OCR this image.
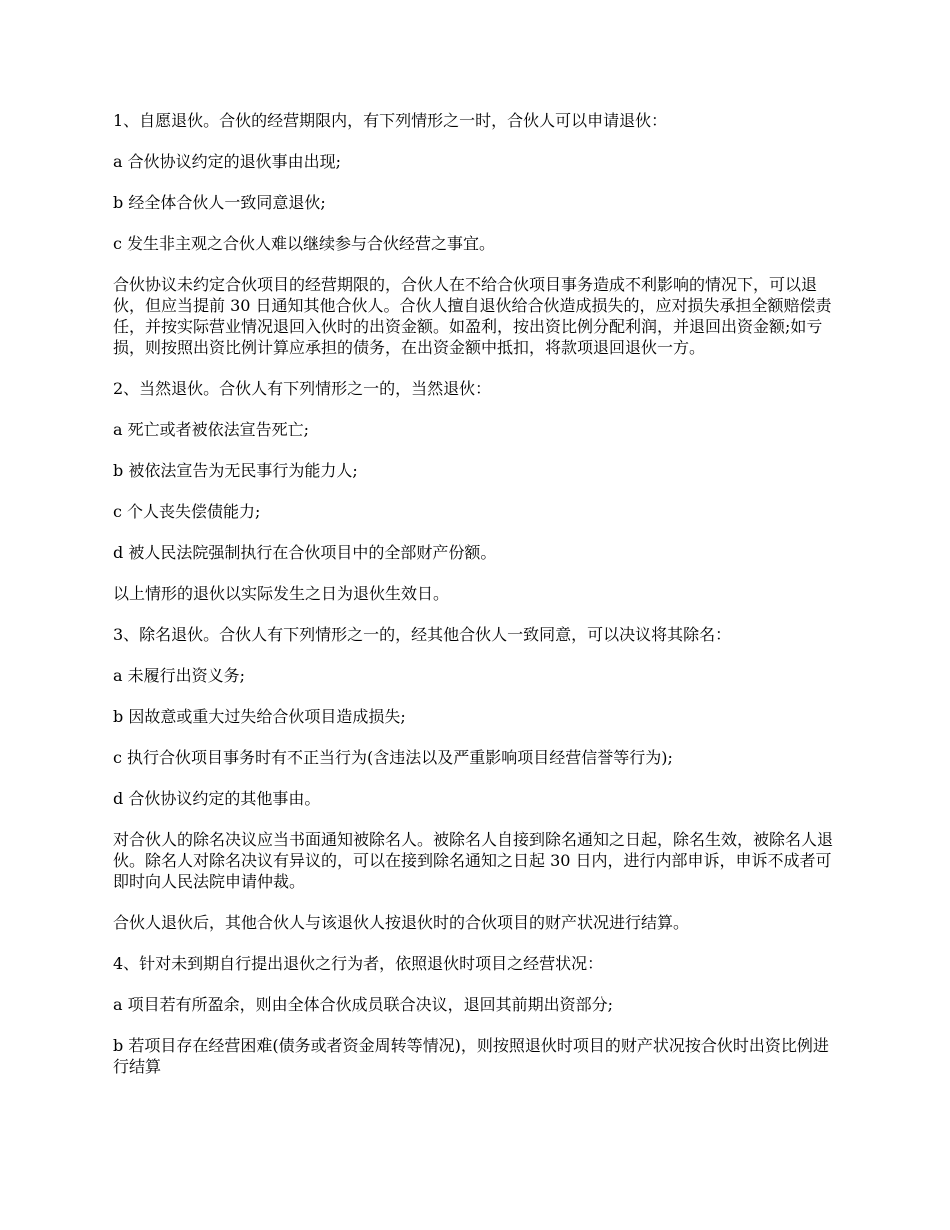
1、自愿退伙。合伙的经营期限内，有下列情形之一时，合伙人可以申请退伙：

a 合伙协议约定的退伙事由出现;

b 经全体合伙人一致同意退伙;

c 发生非主观之合伙人难以继续参与合伙经营之事宜。

合伙协议未约定合伙项目的经营期限的，合伙人在不给合伙项目事务造成不利影响的情况下，可以退伙，但应当提前 30 日通知其他合伙人。合伙人擅自退伙给合伙造成损失的，应对损失承担全额赔偿责任，并按实际营业情况退回入伙时的出资金额。如盈利，按出资比例分配利润，并退回出资金额;如亏损，则按照出资比例计算应承担的债务，在出资金额中抵扣，将款项退回退伙一方。

2、当然退伙。合伙人有下列情形之一的，当然退伙：

a 死亡或者被依法宣告死亡;

b 被依法宣告为无民事行为能力人;

c 个人丧失偿债能力;

d 被人民法院强制执行在合伙项目中的全部财产份额。

以上情形的退伙以实际发生之日为退伙生效日。

3、除名退伙。合伙人有下列情形之一的，经其他合伙人一致同意，可以决议将其除名：

a 未履行出资义务;

b 因故意或重大过失给合伙项目造成损失;

c 执行合伙项目事务时有不正当行为(含违法以及严重影响项目经营信誉等行为);

d 合伙协议约定的其他事由。

对合伙人的除名决议应当书面通知被除名人。被除名人自接到除名通知之日起，除名生效，被除名人退伙。除名人对除名决议有异议的，可以在接到除名通知之日起 30 日内，进行内部申诉，申诉不成者可即时向人民法院申请仲裁。

合伙人退伙后，其他合伙人与该退伙人按退伙时的合伙项目的财产状况进行结算。

4、针对未到期自行提出退伙之行为者，依照退伙时项目之经营状况：

a 项目若有所盈余，则由全体合伙成员联合决议，退回其前期出资部分;

b 若项目存在经营困难(债务或者资金周转等情况)，则按照退伙时项目的财产状况按合伙时出资比例进行结算
